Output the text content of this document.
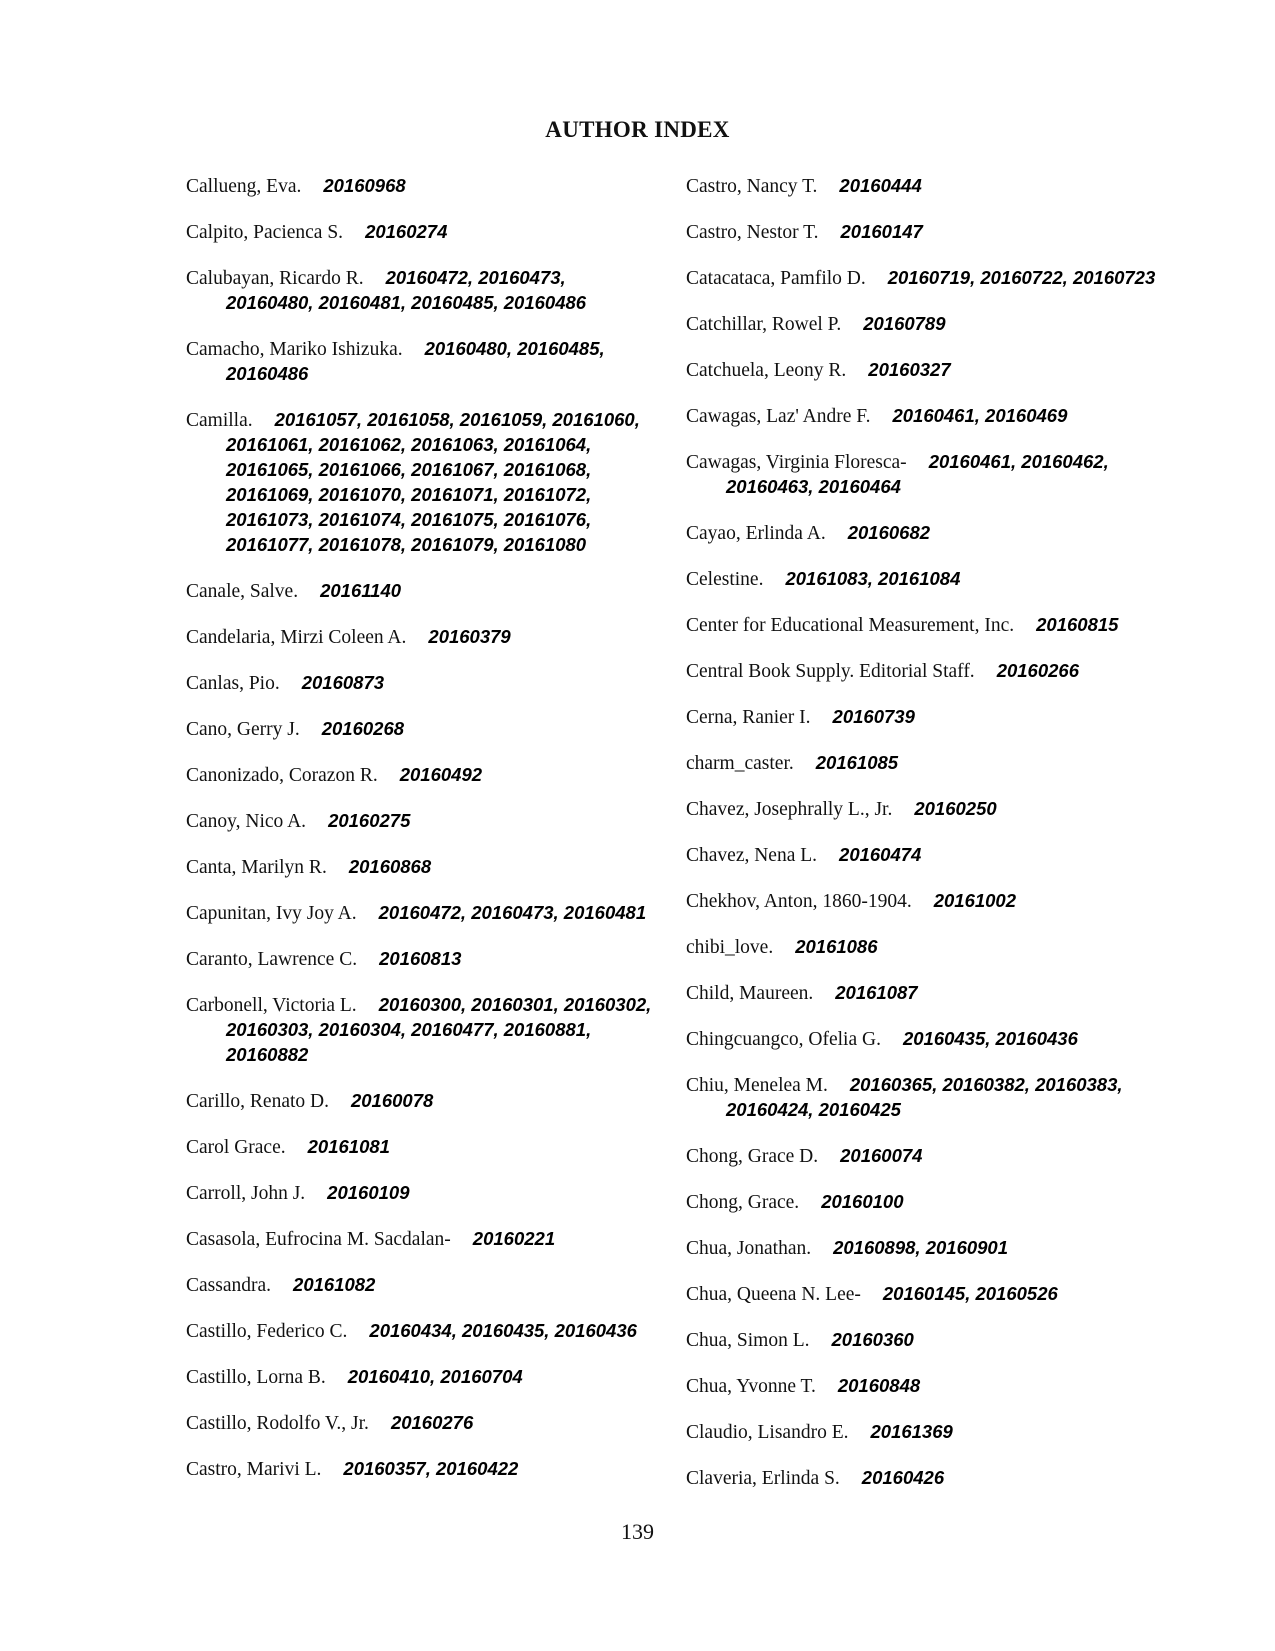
AUTHOR INDEX
Callueng, Eva. 20160968
Calpito, Pacienca S. 20160274
Calubayan, Ricardo R. 20160472, 20160473, 20160480, 20160481, 20160485, 20160486
Camacho, Mariko Ishizuka. 20160480, 20160485, 20160486
Camilla. 20161057, 20161058, 20161059, 20161060, 20161061, 20161062, 20161063, 20161064, 20161065, 20161066, 20161067, 20161068, 20161069, 20161070, 20161071, 20161072, 20161073, 20161074, 20161075, 20161076, 20161077, 20161078, 20161079, 20161080
Canale, Salve. 20161140
Candelaria, Mirzi Coleen A. 20160379
Canlas, Pio. 20160873
Cano, Gerry J. 20160268
Canonizado, Corazon R. 20160492
Canoy, Nico A. 20160275
Canta, Marilyn R. 20160868
Capunitan, Ivy Joy A. 20160472, 20160473, 20160481
Caranto, Lawrence C. 20160813
Carbonell, Victoria L. 20160300, 20160301, 20160302, 20160303, 20160304, 20160477, 20160881, 20160882
Carillo, Renato D. 20160078
Carol Grace. 20161081
Carroll, John J. 20160109
Casasola, Eufrocina M. Sacdalan- 20160221
Cassandra. 20161082
Castillo, Federico C. 20160434, 20160435, 20160436
Castillo, Lorna B. 20160410, 20160704
Castillo, Rodolfo V., Jr. 20160276
Castro, Marivi L. 20160357, 20160422
Castro, Nancy T. 20160444
Castro, Nestor T. 20160147
Catacataca, Pamfilo D. 20160719, 20160722, 20160723
Catchillar, Rowel P. 20160789
Catchuela, Leony R. 20160327
Cawagas, Laz' Andre F. 20160461, 20160469
Cawagas, Virginia Floresca- 20160461, 20160462, 20160463, 20160464
Cayao, Erlinda A. 20160682
Celestine. 20161083, 20161084
Center for Educational Measurement, Inc. 20160815
Central Book Supply. Editorial Staff. 20160266
Cerna, Ranier I. 20160739
charm_caster. 20161085
Chavez, Josephrally L., Jr. 20160250
Chavez, Nena L. 20160474
Chekhov, Anton, 1860-1904. 20161002
chibi_love. 20161086
Child, Maureen. 20161087
Chingcuangco, Ofelia G. 20160435, 20160436
Chiu, Menelea M. 20160365, 20160382, 20160383, 20160424, 20160425
Chong, Grace D. 20160074
Chong, Grace. 20160100
Chua, Jonathan. 20160898, 20160901
Chua, Queena N. Lee- 20160145, 20160526
Chua, Simon L. 20160360
Chua, Yvonne T. 20160848
Claudio, Lisandro E. 20161369
Claveria, Erlinda S. 20160426
139
